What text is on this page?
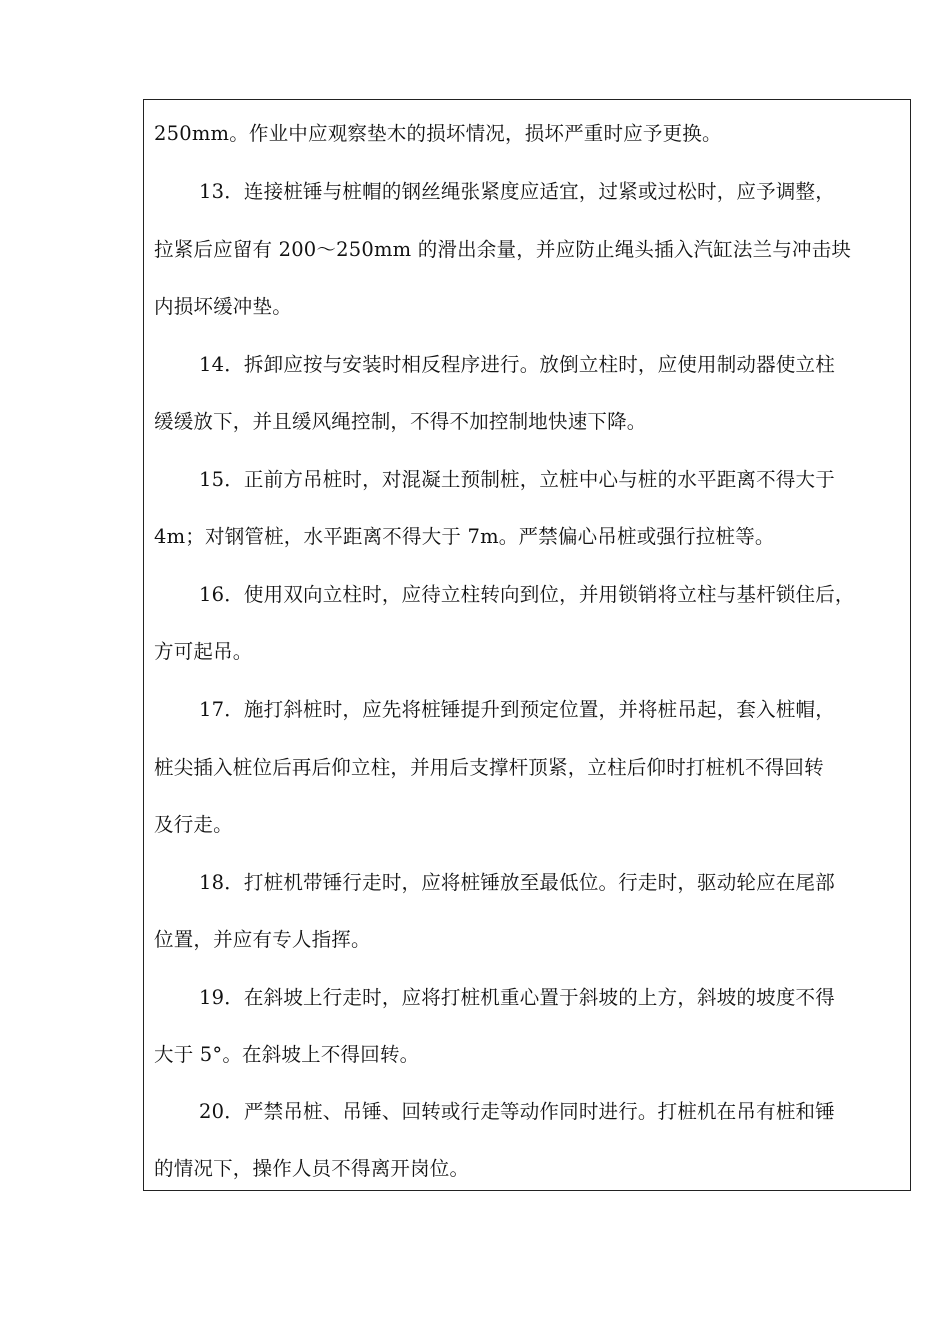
250mm。作业中应观察垫木的损坏情况，损坏严重时应予更换。
13．连接桩锤与桩帽的钢丝绳张紧度应适宜，过紧或过松时，应予调整，
拉紧后应留有 200～250mm 的滑出余量，并应防止绳头插入汽缸法兰与冲击块
内损坏缓冲垫。
14．拆卸应按与安装时相反程序进行。放倒立柱时，应使用制动器使立柱
缓缓放下，并且缓风绳控制，不得不加控制地快速下降。
15．正前方吊桩时，对混凝土预制桩，立桩中心与桩的水平距离不得大于
4m；对钢管桩，水平距离不得大于 7m。严禁偏心吊桩或强行拉桩等。
16．使用双向立柱时，应待立柱转向到位，并用锁销将立柱与基杆锁住后，
方可起吊。
17．施打斜桩时，应先将桩锤提升到预定位置，并将桩吊起，套入桩帽，
桩尖插入桩位后再后仰立柱，并用后支撑杆顶紧，立柱后仰时打桩机不得回转
及行走。
18．打桩机带锤行走时，应将桩锤放至最低位。行走时，驱动轮应在尾部
位置，并应有专人指挥。
19．在斜坡上行走时，应将打桩机重心置于斜坡的上方，斜坡的坡度不得
大于 5°。在斜坡上不得回转。
20．严禁吊桩、吊锤、回转或行走等动作同时进行。打桩机在吊有桩和锤
的情况下，操作人员不得离开岗位。
